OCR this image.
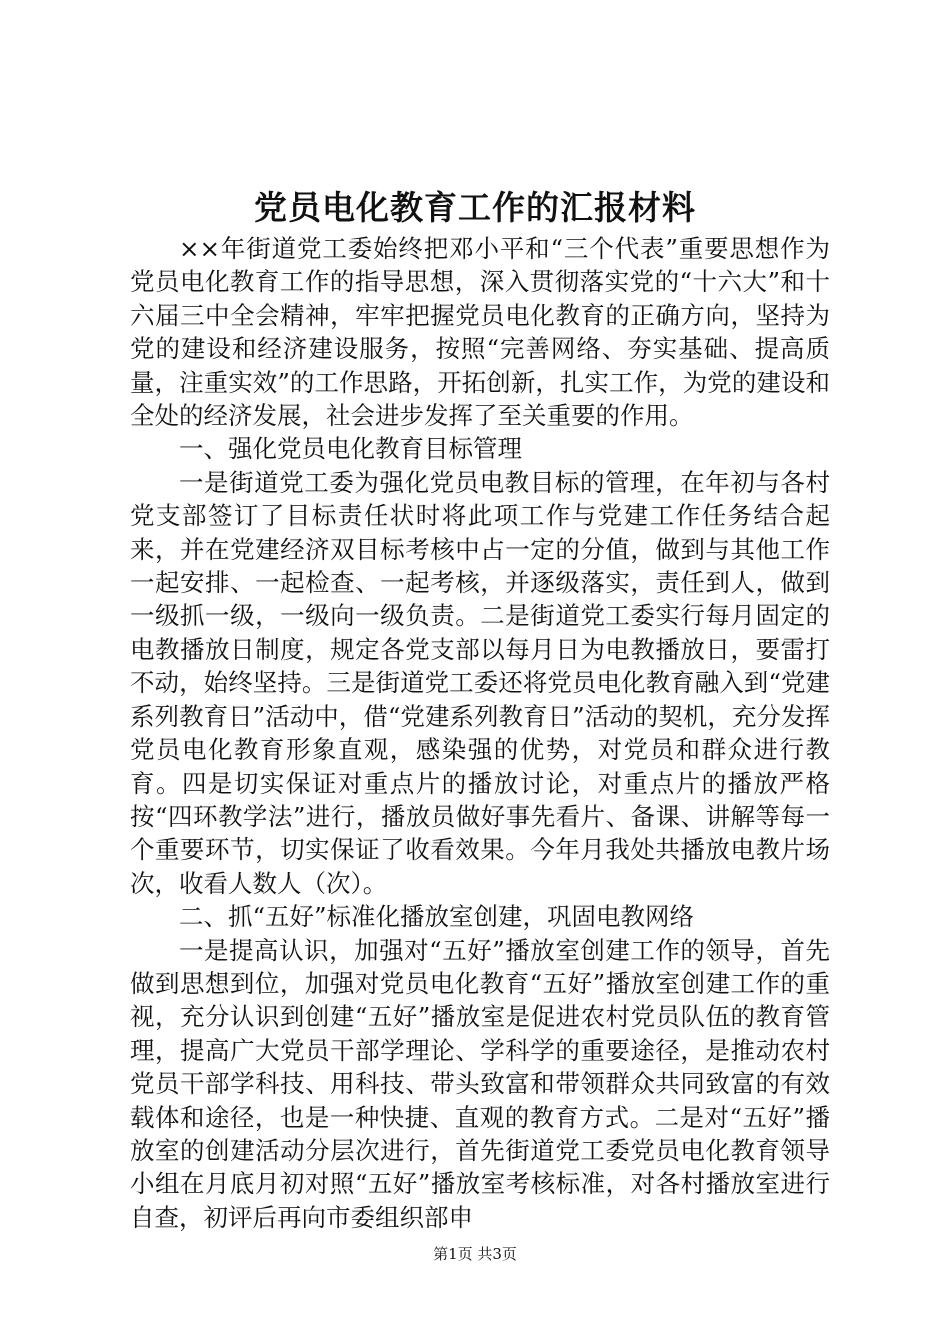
党员电化教育工作的汇报材料

××年街道党工委始终把邓小平和“三个代表”重要思想作为党员电化教育工作的指导思想，深入贯彻落实党的“十六大”和十六届三中全会精神，牢牢把握党员电化教育的正确方向，坚持为党的建设和经济建设服务，按照“完善网络、夯实基础、提高质量，注重实效”的工作思路，开拓创新，扎实工作，为党的建设和全处的经济发展，社会进步发挥了至关重要的作用。

一、强化党员电化教育目标管理

一是街道党工委为强化党员电教目标的管理，在年初与各村党支部签订了目标责任状时将此项工作与党建工作任务结合起来，并在党建经济双目标考核中占一定的分值，做到与其他工作一起安排、一起检查、一起考核，并逐级落实，责任到人，做到一级抓一级，一级向一级负责。二是街道党工委实行每月固定的电教播放日制度，规定各党支部以每月日为电教播放日，要雷打不动，始终坚持。三是街道党工委还将党员电化教育融入到“党建系列教育日”活动中，借“党建系列教育日”活动的契机，充分发挥党员电化教育形象直观，感染强的优势，对党员和群众进行教育。四是切实保证对重点片的播放讨论，对重点片的播放严格按“四环教学法”进行，播放员做好事先看片、备课、讲解等每一个重要环节，切实保证了收看效果。今年月我处共播放电教片场次，收看人数人（次）。

二、抓“五好”标准化播放室创建，巩固电教网络

一是提高认识，加强对“五好”播放室创建工作的领导，首先做到思想到位，加强对党员电化教育“五好”播放室创建工作的重视，充分认识到创建“五好”播放室是促进农村党员队伍的教育管理，提高广大党员干部学理论、学科学的重要途径，是推动农村党员干部学科技、用科技、带头致富和带领群众共同致富的有效载体和途径，也是一种快捷、直观的教育方式。二是对“五好”播放室的创建活动分层次进行，首先街道党工委党员电化教育领导小组在月底月初对照“五好”播放室考核标准，对各村播放室进行自查，初评后再向市委组织部申

第1页 共3页
